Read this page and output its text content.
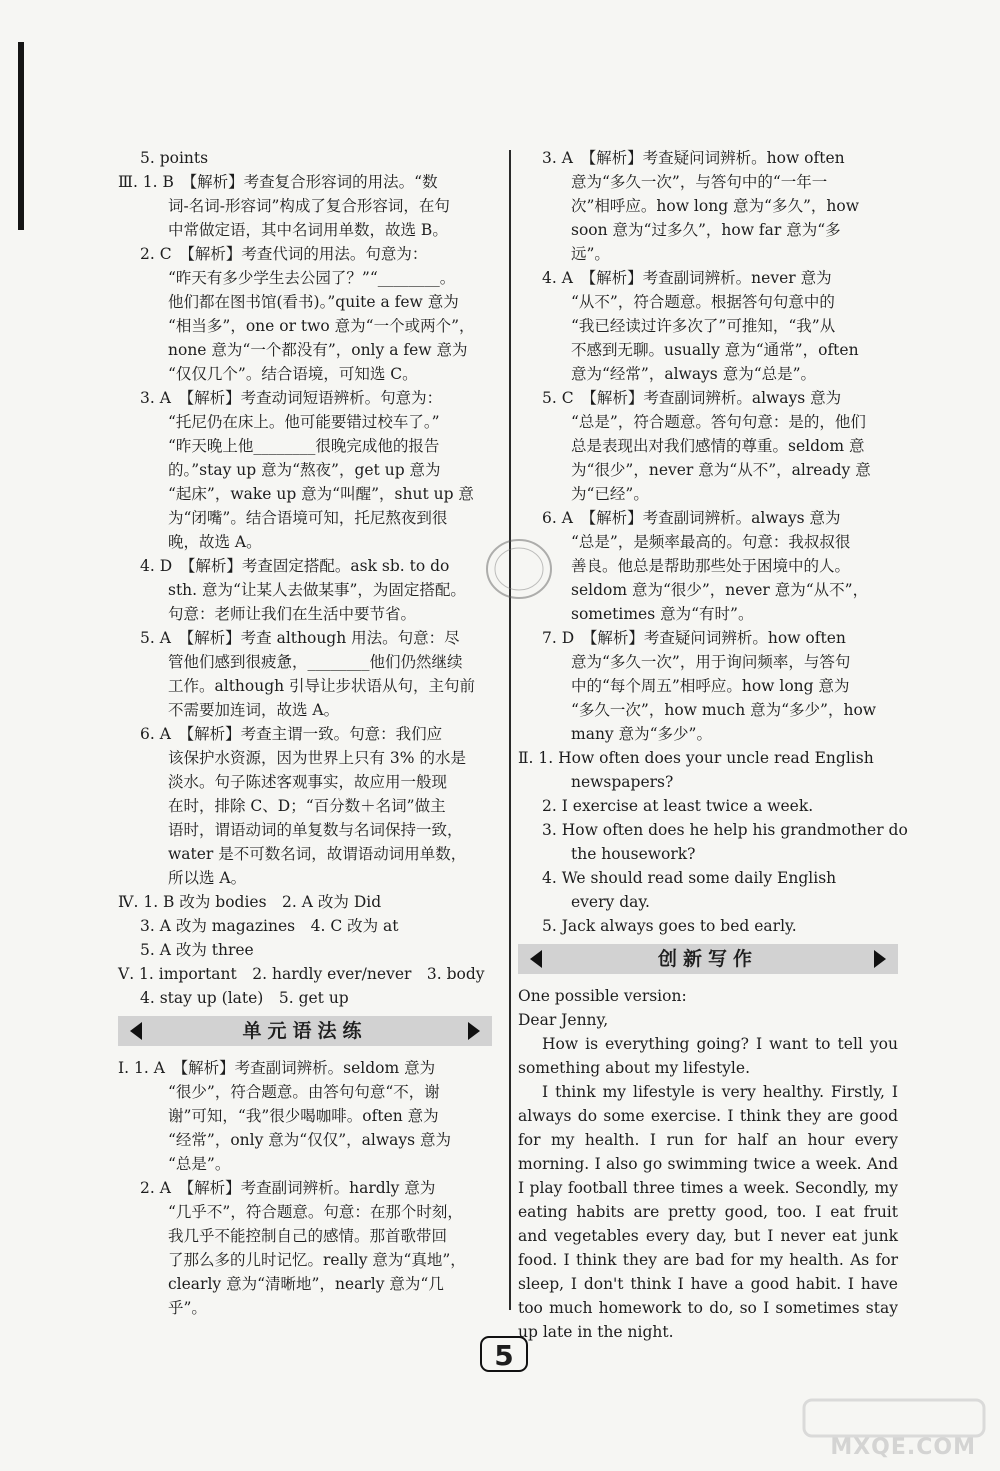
5. points
Ⅲ. 1. B　【解析】考查复合形容词的用法。“数
词-名词-形容词”构成了复合形容词，在句
中常做定语，其中名词用单数，故选 B。
2. C　【解析】考查代词的用法。句意为：
“昨天有多少学生去公园了？”“________。
他们都在图书馆(看书)。”quite a few 意为
“相当多”，one or two 意为“一个或两个”，
none 意为“一个都没有”，only a few 意为
“仅仅几个”。结合语境，可知选 C。
3. A　【解析】考查动词短语辨析。句意为：
“托尼仍在床上。他可能要错过校车了。”
“昨天晚上他________很晚完成他的报告
的。”stay up 意为“熬夜”，get up 意为
“起床”，wake up 意为“叫醒”，shut up 意
为“闭嘴”。结合语境可知，托尼熬夜到很
晚，故选 A。
4. D　【解析】考查固定搭配。ask sb. to do
sth. 意为“让某人去做某事”，为固定搭配。
句意：老师让我们在生活中要节省。
5. A　【解析】考查 although 用法。句意：尽
管他们感到很疲惫，________他们仍然继续
工作。although 引导让步状语从句，主句前
不需要加连词，故选 A。
6. A　【解析】考查主谓一致。句意：我们应
该保护水资源，因为世界上只有 3% 的水是
淡水。句子陈述客观事实，故应用一般现
在时，排除 C、D；“百分数＋名词”做主
语时，谓语动词的单复数与名词保持一致，
water 是不可数名词，故谓语动词用单数，
所以选 A。
Ⅳ. 1. B 改为 bodies　2. A 改为 Did
3. A 改为 magazines　4. C 改为 at
5. A 改为 three
Ⅴ. 1. important　2. hardly ever/never　3. body
4. stay up (late)　5. get up
单元语法练
Ⅰ. 1. A　【解析】考查副词辨析。seldom 意为
“很少”，符合题意。由答句句意“不，谢
谢”可知，“我”很少喝咖啡。often 意为
“经常”，only 意为“仅仅”，always 意为
“总是”。
2. A　【解析】考查副词辨析。hardly 意为
“几乎不”，符合题意。句意：在那个时刻，
我几乎不能控制自己的感情。那首歌带回
了那么多的儿时记忆。really 意为“真地”，
clearly 意为“清晰地”，nearly 意为“几
乎”。
3. A　【解析】考查疑问词辨析。how often
意为“多久一次”，与答句中的“一年一
次”相呼应。how long 意为“多久”，how
soon 意为“过多久”，how far 意为“多
远”。
4. A　【解析】考查副词辨析。never 意为
“从不”，符合题意。根据答句句意中的
“我已经读过许多次了”可推知，“我”从
不感到无聊。usually 意为“通常”，often
意为“经常”，always 意为“总是”。
5. C　【解析】考查副词辨析。always 意为
“总是”，符合题意。答句句意：是的，他们
总是表现出对我们感情的尊重。seldom 意
为“很少”，never 意为“从不”，already 意
为“已经”。
6. A　【解析】考查副词辨析。always 意为
“总是”，是频率最高的。句意：我叔叔很
善良。他总是帮助那些处于困境中的人。
seldom 意为“很少”，never 意为“从不”，
sometimes 意为“有时”。
7. D　【解析】考查疑问词辨析。how often
意为“多久一次”，用于询问频率，与答句
中的“每个周五”相呼应。how long 意为
“多久一次”，how much 意为“多少”，how
many 意为“多少”。
Ⅱ. 1. How often does your uncle read English
newspapers?
2. I exercise at least twice a week.
3. How often does he help his grandmother do
the housework?
4. We should read some daily English
every day.
5. Jack always goes to bed early.
创新写作
One possible version:
Dear Jenny,
How is everything going? I want to tell you something about my lifestyle.
I think my lifestyle is very healthy. Firstly, I always do some exercise. I think they are good for my health. I run for half an hour every morning. I also go swimming twice a week. And I play football three times a week. Secondly, my eating habits are pretty good, too. I eat fruit and vegetables every day, but I never eat junk food. I think they are bad for my health. As for sleep, I don't think I have a good habit. I have too much homework to do, so I sometimes stay up late in the night.
5
MXQE.COM
